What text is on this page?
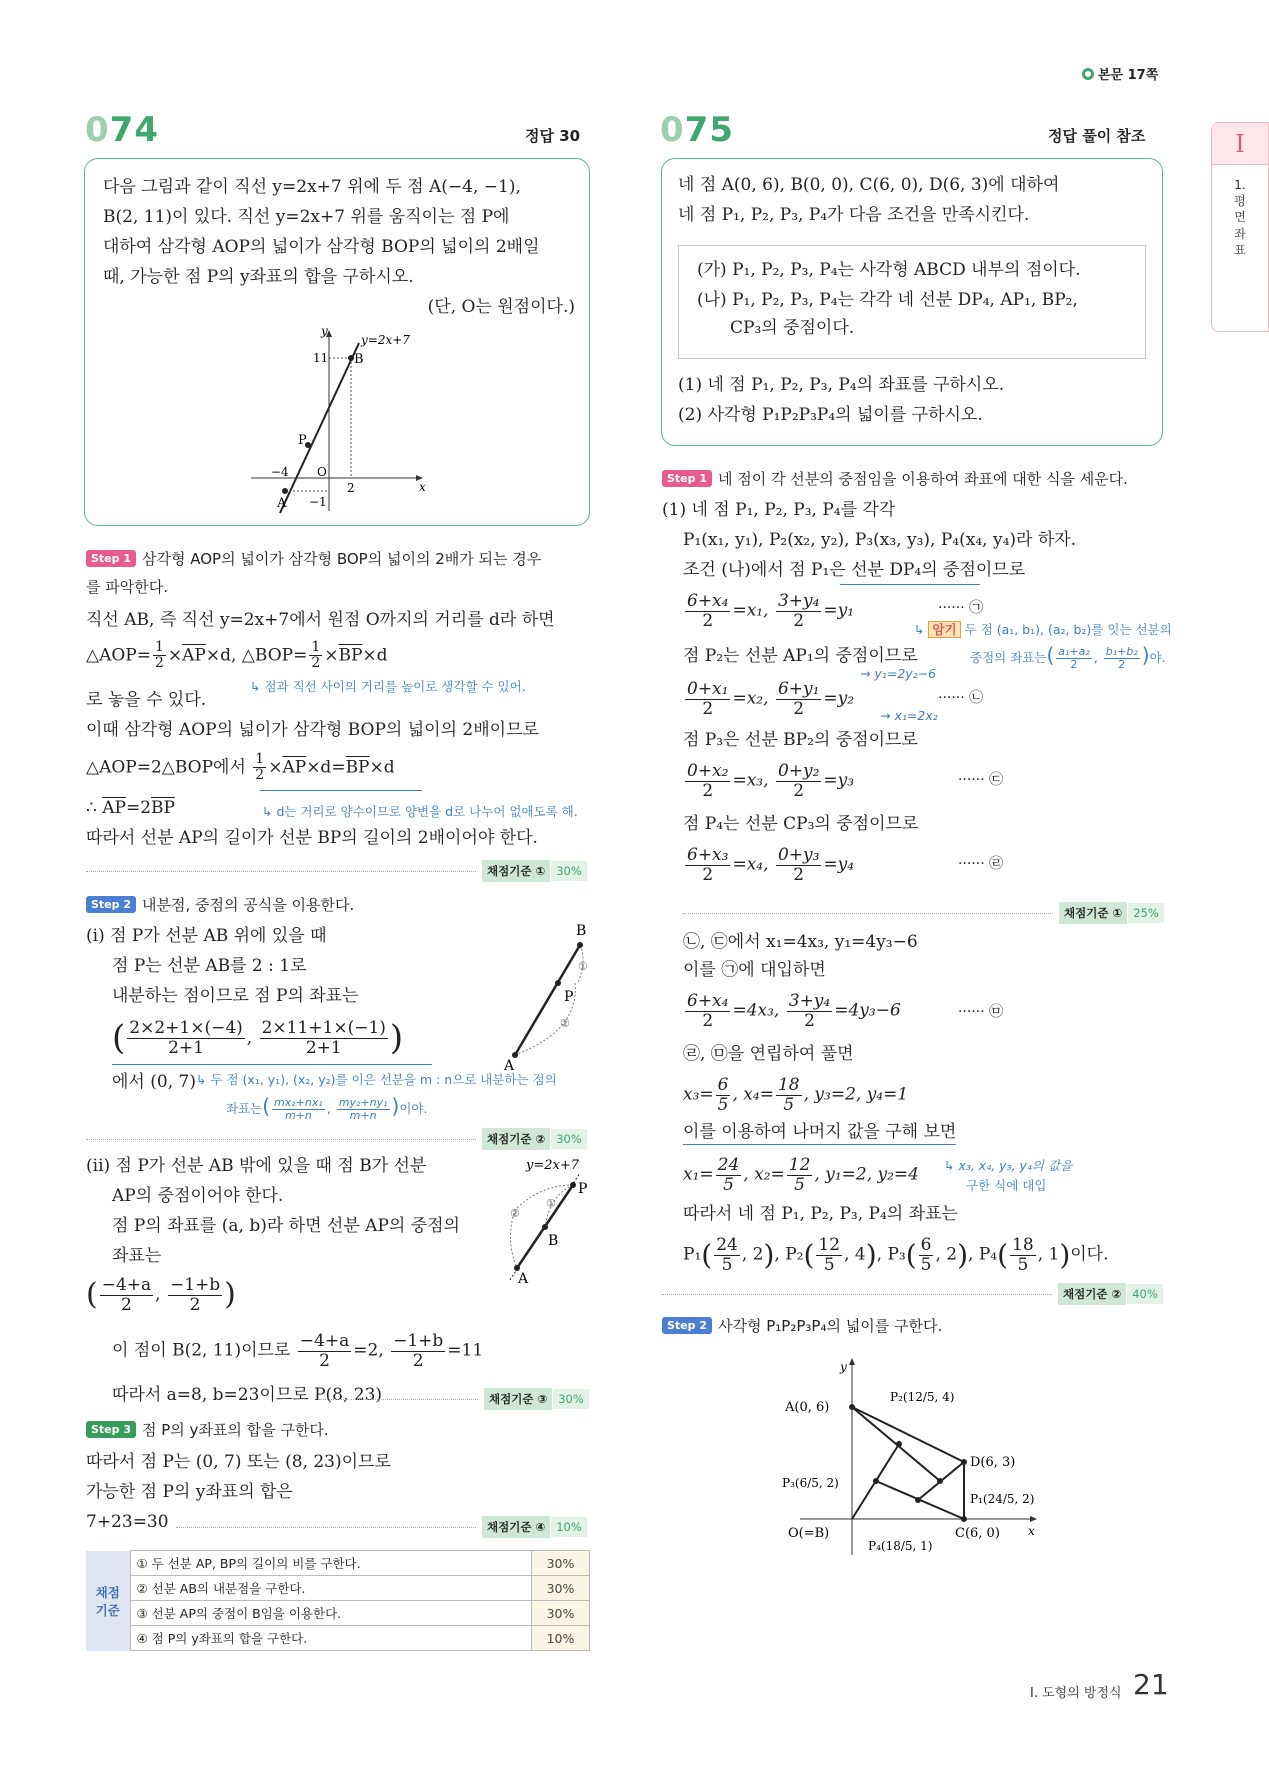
본문 17쪽
I
1. 평면좌표
074	정답 30
다음 그림과 같이 직선 y=2x+7 위에 두 점 A(−4, −1),
B(2, 11)이 있다. 직선 y=2x+7 위를 움직이는 점 P에
대하여 삼각형 AOP의 넓이가 삼각형 BOP의 넓이의 2배일
때, 가능한 점 P의 y좌표의 합을 구하시오.
(단, O는 원점이다.)
y
y=2x+7
11 B
P
O
−4
2	x
−1
A
Step 1 삼각형 AOP의 넓이가 삼각형 BOP의 넓이의 2배가 되는 경우
를 파악한다.
직선 AB, 즉 직선 y=2x+7에서 원점 O까지의 거리를 d라 하면
△AOP= $\frac{1}{2} \times\overline{AP}\times d$, △BOP= $\frac{1}{2} \times\overline{BP}\times d$
↳ 점과 직선 사이의 거리를 높이로 생각할 수 있어.
로 놓을 수 있다.
이때 삼각형 AOP의 넓이가 삼각형 BOP의 넓이의 2배이므로
△AOP=2△BOP에서 $\frac{1}{2} \times\overline{AP}\times d=\overline{BP}\times d$
∴ $\overline{AP}=2\overline{BP}$	↳ d는 거리로 양수이므로 양변을 d로 나누어 없애도록 해.
따라서 선분 AP의 길이가 선분 BP의 길이의 2배이어야 한다.
채점기준 ① 30%
Step 2 내분점, 중점의 공식을 이용한다.
(i) 점 P가 선분 AB 위에 있을 때
점 P는 선분 AB를 2 : 1로
내분하는 점이므로 점 P의 좌표는
( $\frac{2\times 2+1\times(-4)}{2+1}$ , $\frac{2\times 11+1\times(-1)}{2+1}$ )
에서 (0, 7) ↳ 두 점 (x₁, y₁), (x₂, y₂)를 이은 선분을 m : n으로 내분하는 점의
좌표는( $\frac{\text{mx₂+nx₁}}{m+n}$ , $\frac{\text{my₂+ny₁}}{m+n}$ )이야.
B
P
A
①
②
채점기준 ② 30%
(ii) 점 P가 선분 AB 밖에 있을 때 점 B가 선분
AP의 중점이어야 한다.
점 P의 좌표를 (a, b)라 하면 선분 AP의 중점의
좌표는
( $\frac{-4+a}{2}$ , $\frac{-1+b}{2}$ )
이 점이 B(2, 11)이므로 $\frac{-4+a}{2} =2$, $\frac{-1+b}{2} =11$
따라서 a=8, b=23이므로 P(8, 23)
y=2x+7
P
B
A
①
②
채점기준 ③ 30%
Step 3 점 P의 y좌표의 합을 구한다.
따라서 점 P는 (0, 7) 또는 (8, 23)이므로
가능한 점 P의 y좌표의 합은
7+23=30	채점기준 ④ 10%
채점
기준	① 두 선분 AP, BP의 길이의 비를 구한다.	30%
	② 선분 AB의 내분점을 구한다.	30%
	③ 선분 AP의 중점이 B임을 이용한다.	30%
	④ 점 P의 y좌표의 합을 구한다.	10%
075	정답 풀이 참조
네 점 A(0, 6), B(0, 0), C(6, 0), D(6, 3)에 대하여
네 점 P₁, P₂, P₃, P₄가 다음 조건을 만족시킨다.
(가) P₁, P₂, P₃, P₄는 사각형 ABCD 내부의 점이다.
(나) P₁, P₂, P₃, P₄는 각각 네 선분 DP₄, AP₁, BP₂,
CP₃의 중점이다.
(1) 네 점 P₁, P₂, P₃, P₄의 좌표를 구하시오.
(2) 사각형 P₁P₂P₃P₄의 넓이를 구하시오.
Step 1 네 점이 각 선분의 중점임을 이용하여 좌표에 대한 식을 세운다.
(1) 네 점 P₁, P₂, P₃, P₄를 각각
P₁(x₁, y₁), P₂(x₂, y₂), P₃(x₃, y₃), P₄(x₄, y₄)라 하자.
조건 (나)에서 점 P₁은 선분 DP₄의 중점이므로
$\frac{\text{6+x₄}}{2} =x_1$, $\frac{\text{3+y₄}}{2} =y_1$	······ ㉠
↳ 암기 두 점 (a₁, b₁), (a₂, b₂)를 잇는 선분의
중점의 좌표는( $\frac{\text{a₁+a₂}}{2}$ , $\frac{\text{b₁+b₂}}{2}$ )야.
점 P₂는 선분 AP₁의 중점이므로
→ y₁=2y₂−6
$\frac{\text{0+x₁}}{2} =x_2$, $\frac{\text{6+y₁}}{2} =y_2$	······ ㉡
→ x₁=2x₂
점 P₃은 선분 BP₂의 중점이므로
$\frac{\text{0+x₂}}{2} =x_3$, $\frac{\text{0+y₂}}{2} =y_3$	······ ㉢
점 P₄는 선분 CP₃의 중점이므로
$\frac{\text{6+x₃}}{2} =x_4$, $\frac{\text{0+y₃}}{2} =y_4$	······ ㉣
채점기준 ① 25%
㉡, ㉢에서 x₁=4x₃, y₁=4y₃−6
이를 ㉠에 대입하면
$\frac{\text{6+x₄}}{2} =4x_3$, $\frac{\text{3+y₄}}{2} =4y_3-6$	······ ㉤
㉣, ㉤을 연립하여 풀면
$x_3= \frac{6}{5}$ , $x_4= \frac{18}{5}$ , y₃=2, y₄=1
이를 이용하여 나머지 값을 구해 보면
$x_1= \frac{24}{5}$ , $x_2= \frac{12}{5}$ , y₁=2, y₂=4 ↳ x₃, x₄, y₃, y₄의 값을
구한 식에 대입
따라서 네 점 P₁, P₂, P₃, P₄의 좌표는
$P_1( \frac{24}{5}$ , 2), $P_2( \frac{12}{5}$ , 4), $P_3( \frac{6}{5}$ , 2), $P_4( \frac{18}{5}$ , 1)이다.
채점기준 ② 40%
Step 2 사각형 P₁P₂P₃P₄의 넓이를 구한다.
y
x
A(0, 6)
P₂(12/5, 4)
D(6, 3)
P₃(6/5, 2)
P₁(24/5, 2)
O(=B)	C(6, 0)
P₄(18/5, 1)
Ⅰ. 도형의 방정식 21
